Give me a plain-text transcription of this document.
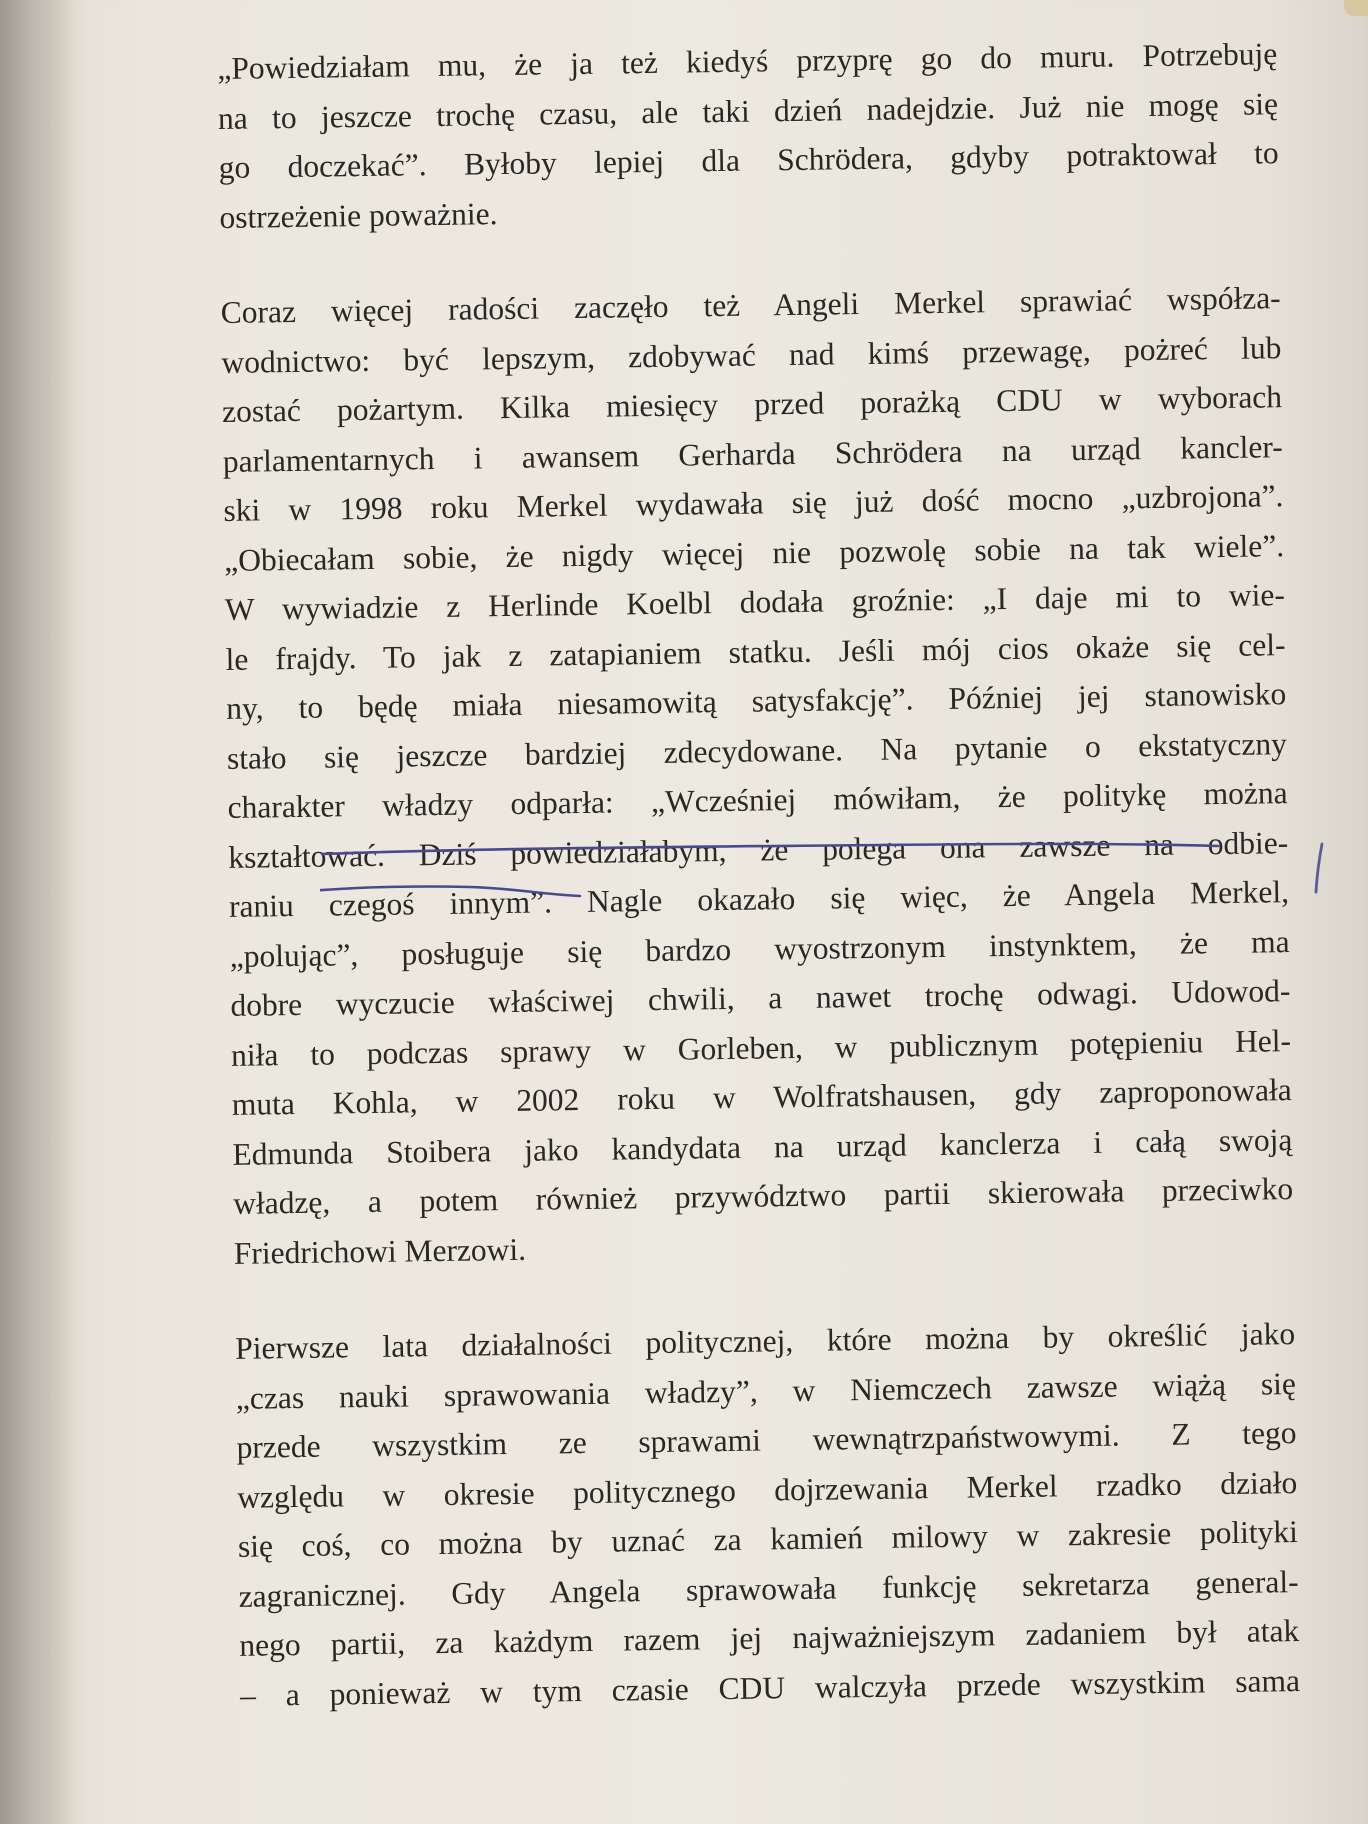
„Powiedziałam mu, że ja też kiedyś przyprę go do muru. Potrzebuję
na to jeszcze trochę czasu, ale taki dzień nadejdzie. Już nie mogę się
go doczekać”. Byłoby lepiej dla Schrödera, gdyby potraktował to
ostrzeżenie poważnie.

Coraz więcej radości zaczęło też Angeli Merkel sprawiać współza-
wodnictwo: być lepszym, zdobywać nad kimś przewagę, pożreć lub
zostać pożartym. Kilka miesięcy przed porażką CDU w wyborach
parlamentarnych i awansem Gerharda Schrödera na urząd kancler-
ski w 1998 roku Merkel wydawała się już dość mocno „uzbrojona”.
„Obiecałam sobie, że nigdy więcej nie pozwolę sobie na tak wiele”.
W wywiadzie z Herlinde Koelbl dodała groźnie: „I daje mi to wie-
le frajdy. To jak z zatapianiem statku. Jeśli mój cios okaże się cel-
ny, to będę miała niesamowitą satysfakcję”. Później jej stanowisko
stało się jeszcze bardziej zdecydowane. Na pytanie o ekstatyczny
charakter władzy odparła: „Wcześniej mówiłam, że politykę można
kształtować. Dziś powiedziałabym, że polega ona zawsze na odbie-
raniu czegoś innym”. Nagle okazało się więc, że Angela Merkel,
„polując”, posługuje się bardzo wyostrzonym instynktem, że ma
dobre wyczucie właściwej chwili, a nawet trochę odwagi. Udowod-
niła to podczas sprawy w Gorleben, w publicznym potępieniu Hel-
muta Kohla, w 2002 roku w Wolfratshausen, gdy zaproponowała
Edmunda Stoibera jako kandydata na urząd kanclerza i całą swoją
władzę, a potem również przywództwo partii skierowała przeciwko
Friedrichowi Merzowi.

Pierwsze lata działalności politycznej, które można by określić jako
„czas nauki sprawowania władzy”, w Niemczech zawsze wiążą się
przede wszystkim ze sprawami wewnątrzpaństwowymi. Z tego
względu w okresie politycznego dojrzewania Merkel rzadko działo
się coś, co można by uznać za kamień milowy w zakresie polityki
zagranicznej. Gdy Angela sprawowała funkcję sekretarza general-
nego partii, za każdym razem jej najważniejszym zadaniem był atak
– a ponieważ w tym czasie CDU walczyła przede wszystkim sama
